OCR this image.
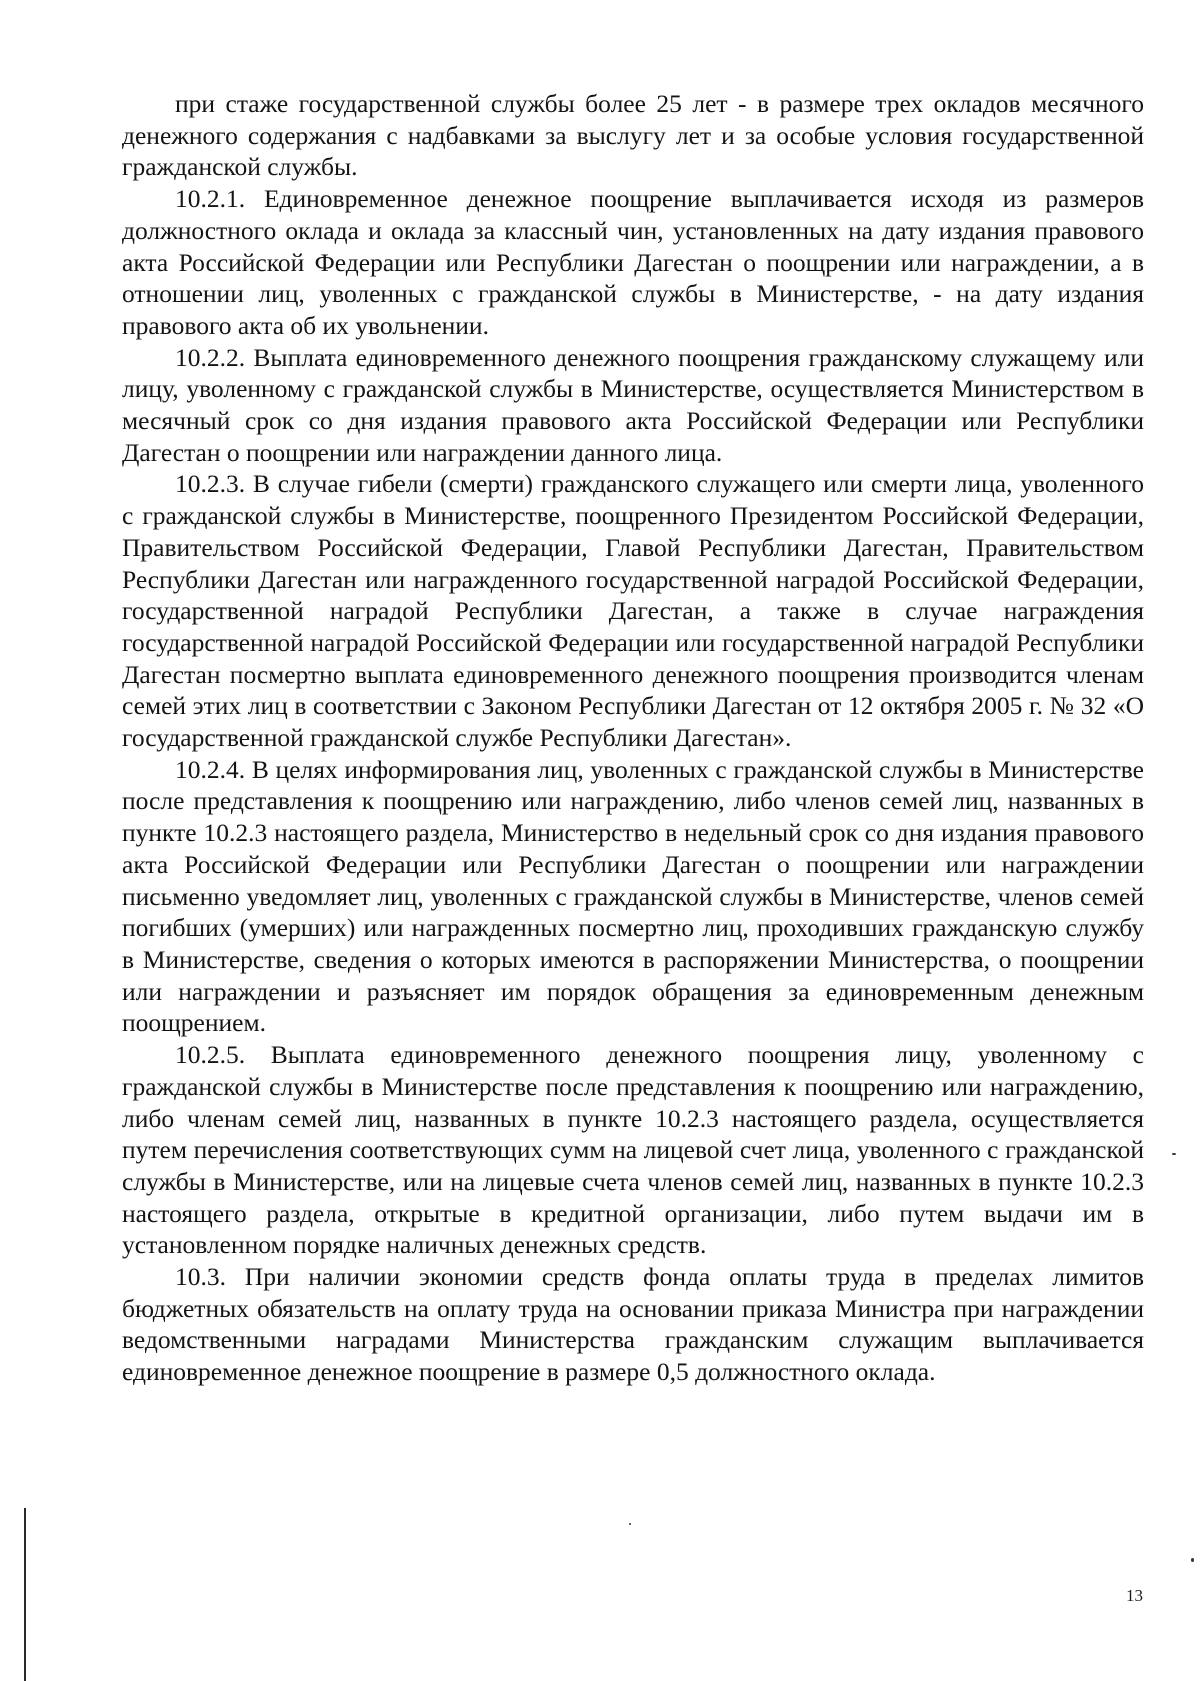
при стаже государственной службы более 25 лет - в размере трех окладов месячного денежного содержания с надбавками за выслугу лет и за особые условия государственной гражданской службы.

10.2.1. Единовременное денежное поощрение выплачивается исходя из размеров должностного оклада и оклада за классный чин, установленных на дату издания правового акта Российской Федерации или Республики Дагестан о поощрении или награждении, а в отношении лиц, уволенных с гражданской службы в Министерстве, - на дату издания правового акта об их увольнении.

10.2.2. Выплата единовременного денежного поощрения гражданскому служащему или лицу, уволенному с гражданской службы в Министерстве, осуществляется Министерством в месячный срок со дня издания правового акта Российской Федерации или Республики Дагестан о поощрении или награждении данного лица.

10.2.3. В случае гибели (смерти) гражданского служащего или смерти лица, уволенного с гражданской службы в Министерстве, поощренного Президентом Российской Федерации, Правительством Российской Федерации, Главой Республики Дагестан, Правительством Республики Дагестан или награжденного государственной наградой Российской Федерации, государственной наградой Республики Дагестан, а также в случае награждения государственной наградой Российской Федерации или государственной наградой Республики Дагестан посмертно выплата единовременного денежного поощрения производится членам семей этих лиц в соответствии с Законом Республики Дагестан от 12 октября 2005 г. № 32 «О государственной гражданской службе Республики Дагестан».

10.2.4. В целях информирования лиц, уволенных с гражданской службы в Министерстве после представления к поощрению или награждению, либо членов семей лиц, названных в пункте 10.2.3 настоящего раздела, Министерство в недельный срок со дня издания правового акта Российской Федерации или Республики Дагестан о поощрении или награждении письменно уведомляет лиц, уволенных с гражданской службы в Министерстве, членов семей погибших (умерших) или награжденных посмертно лиц, проходивших гражданскую службу в Министерстве, сведения о которых имеются в распоряжении Министерства, о поощрении или награждении и разъясняет им порядок обращения за единовременным денежным поощрением.

10.2.5. Выплата единовременного денежного поощрения лицу, уволенному с гражданской службы в Министерстве после представления к поощрению или награждению, либо членам семей лиц, названных в пункте 10.2.3 настоящего раздела, осуществляется путем перечисления соответствующих сумм на лицевой счет лица, уволенного с гражданской службы в Министерстве, или на лицевые счета членов семей лиц, названных в пункте 10.2.3 настоящего раздела, открытые в кредитной организации, либо путем выдачи им в установленном порядке наличных денежных средств.

10.3. При наличии экономии средств фонда оплаты труда в пределах лимитов бюджетных обязательств на оплату труда на основании приказа Министра при награждении ведомственными наградами Министерства гражданским служащим выплачивается единовременное денежное поощрение в размере 0,5 должностного оклада.

13
